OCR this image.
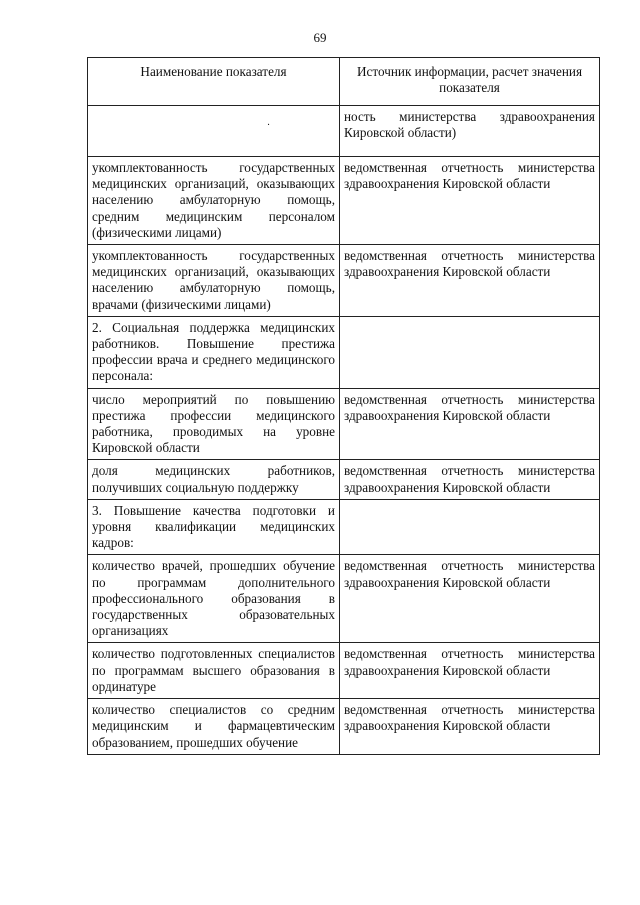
69
Наименование показателя	Источник информации, расчет значения показателя

·	ность министерства здравоохранения Кировской области)
укомплектованность государственных медицинских организаций, оказывающих населению амбулаторную помощь, средним медицинским персоналом (физическими лицами)	ведомственная отчетность министерства здравоохранения Кировской области
укомплектованность государственных медицинских организаций, оказывающих населению амбулаторную помощь, врачами (физическими лицами)	ведомственная отчетность министерства здравоохранения Кировской области
2. Социальная поддержка медицинских работников. Повышение престижа профессии врача и среднего медицинского персонала:	
число мероприятий по повышению престижа профессии медицинского работника, проводимых на уровне Кировской области	ведомственная отчетность министерства здравоохранения Кировской области
доля медицинских работников, получивших социальную поддержку	ведомственная отчетность министерства здравоохранения Кировской области
3. Повышение качества подготовки и уровня квалификации медицинских кадров:	
количество врачей, прошедших обучение по программам дополнительного профессионального образования в государственных образовательных организациях	ведомственная отчетность министерства здравоохранения Кировской области
количество подготовленных специалистов по программам высшего образования в ординатуре	ведомственная отчетность министерства здравоохранения Кировской области
количество специалистов со средним медицинским и фармацевтическим образованием, прошедших обучение	ведомственная отчетность министерства здравоохранения Кировской области
